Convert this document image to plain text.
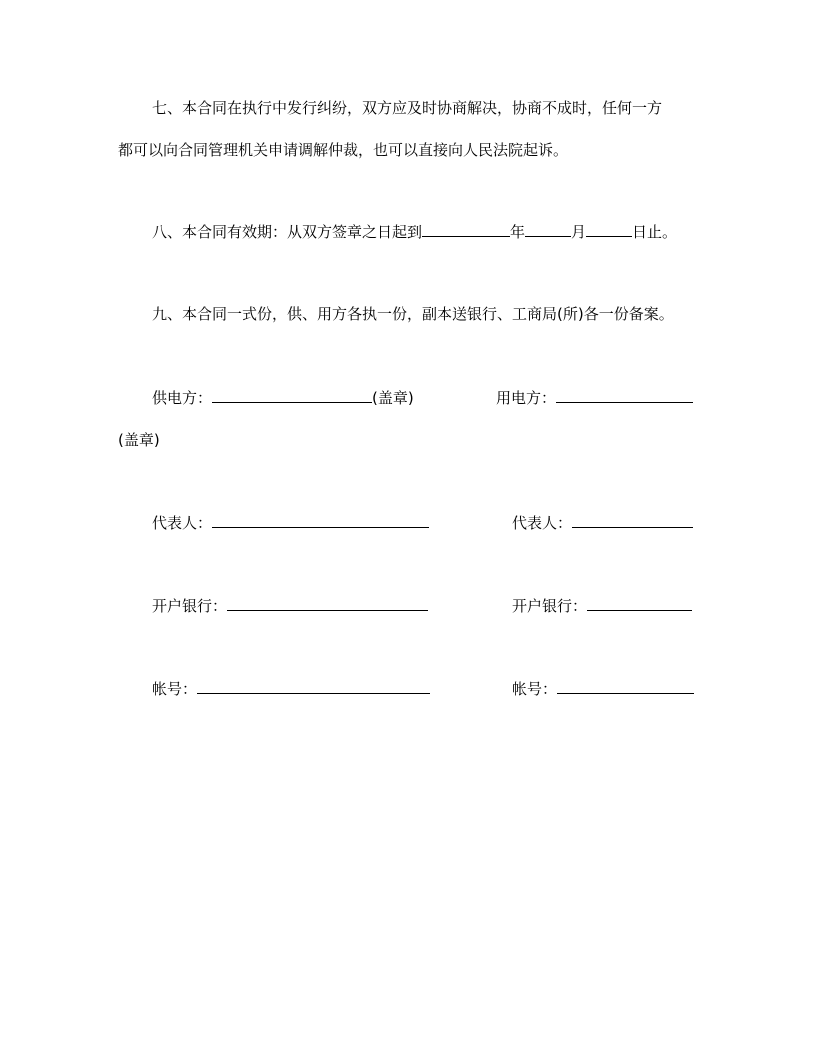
七、本合同在执行中发行纠纷，双方应及时协商解决，协商不成时，任何一方
都可以向合同管理机关申请调解仲裁，也可以直接向人民法院起诉。
八、本合同有效期：从双方签章之日起到	年	月	日止。
九、本合同一式份，供、用方各执一份，副本送银行、工商局(所)各一份备案。
供电方：	(盖章)	用电方：
(盖章)
代表人：	代表人：
开户银行：	开户银行：
帐号：	帐号：
